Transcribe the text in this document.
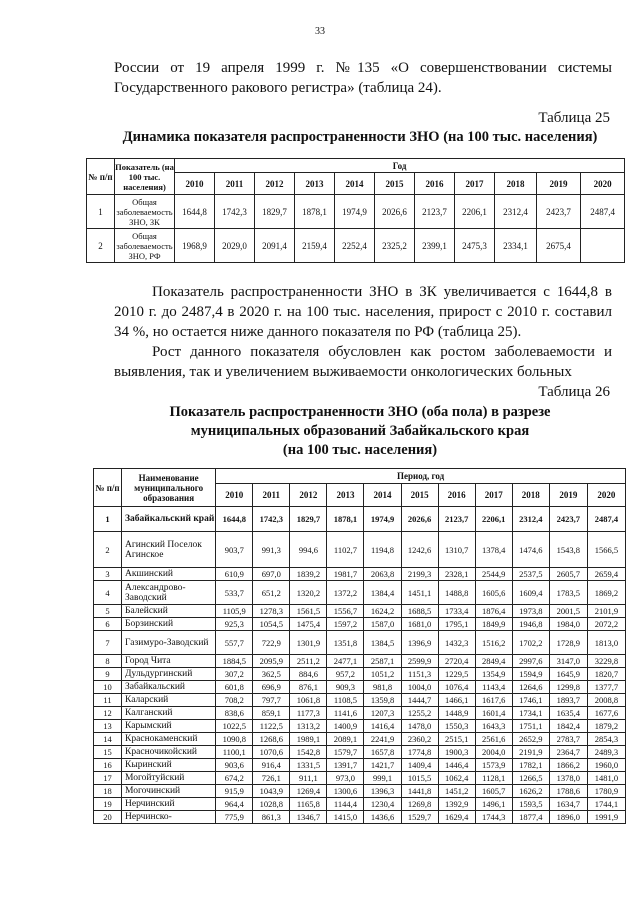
33
России от 19 апреля 1999 г. №135 «О совершенствовании системы Государственного ракового регистра» (таблица 24).
Таблица 25
Динамика показателя распространенности ЗНО (на 100 тыс. населения)
№ п/п	Показатель (на 100 тыс. населения)	Год										
		2010	2011	2012	2013	2014	2015	2016	2017	2018	2019	2020
1	Общая заболеваемость ЗНО, ЗК	1644,8	1742,3	1829,7	1878,1	1974,9	2026,6	2123,7	2206,1	2312,4	2423,7	2487,4
2	Общая заболеваемость ЗНО, РФ	1968,9	2029,0	2091,4	2159,4	2252,4	2325,2	2399,1	2475,3	2334,1	2675,4	
Показатель распространенности ЗНО в ЗК увеличивается с 1644,8 в 2010 г. до 2487,4 в 2020 г. на 100 тыс. населения, прирост с 2010 г. составил 34 %, но остается ниже данного показателя по РФ (таблица 25).
Рост данного показателя обусловлен как ростом заболеваемости и выявления, так и увеличением выживаемости онкологических больных
Таблица 26
Показатель распространенности ЗНО (оба пола) в разрезе
муниципальных образований Забайкальского края
(на 100 тыс. населения)
№ п/п	Наименование муниципального образования	Период, год										
		2010	2011	2012	2013	2014	2015	2016	2017	2018	2019	2020
1	Забайкальский край	1644,8	1742,3	1829,7	1878,1	1974,9	2026,6	2123,7	2206,1	2312,4	2423,7	2487,4
2	Агинский Поселок Агинское	903,7	991,3	994,6	1102,7	1194,8	1242,6	1310,7	1378,4	1474,6	1543,8	1566,5
3	Акшинский	610,9	697,0	1839,2	1981,7	2063,8	2199,3	2328,1	2544,9	2537,5	2605,7	2659,4
4	Александрово-Заводский	533,7	651,2	1320,2	1372,2	1384,4	1451,1	1488,8	1605,6	1609,4	1783,5	1869,2
5	Балейский	1105,9	1278,3	1561,5	1556,7	1624,2	1688,5	1733,4	1876,4	1973,8	2001,5	2101,9
6	Борзинский	925,3	1054,5	1475,4	1597,2	1587,0	1681,0	1795,1	1849,9	1946,8	1984,0	2072,2
7	Газимуро-Заводский	557,7	722,9	1301,9	1351,8	1384,5	1396,9	1432,3	1516,2	1702,2	1728,9	1813,0
8	Город Чита	1884,5	2095,9	2511,2	2477,1	2587,1	2599,9	2720,4	2849,4	2997,6	3147,0	3229,8
9	Дульдургинский	307,2	362,5	884,6	957,2	1051,2	1151,3	1229,5	1354,9	1594,9	1645,9	1820,7
10	Забайкальский	601,8	696,9	876,1	909,3	981,8	1004,0	1076,4	1143,4	1264,6	1299,8	1377,7
11	Каларский	708,2	797,7	1061,8	1108,5	1359,8	1444,7	1466,1	1617,6	1746,1	1893,7	2008,8
12	Калганский	838,6	859,1	1177,3	1141,6	1207,3	1255,2	1448,9	1601,4	1734,1	1635,4	1677,6
13	Карымский	1022,5	1122,5	1313,2	1400,9	1416,4	1478,0	1550,3	1643,3	1751,1	1842,4	1879,2
14	Краснокаменский	1090,8	1268,6	1989,1	2089,1	2241,9	2360,2	2515,1	2561,6	2652,9	2783,7	2854,3
15	Красночикойский	1100,1	1070,6	1542,8	1579,7	1657,8	1774,8	1900,3	2004,0	2191,9	2364,7	2489,3
16	Кыринский	903,6	916,4	1331,5	1391,7	1421,7	1409,4	1446,4	1573,9	1782,1	1866,2	1960,0
17	Могойтуйский	674,2	726,1	911,1	973,0	999,1	1015,5	1062,4	1128,1	1266,5	1378,0	1481,0
18	Могочинский	915,9	1043,9	1269,4	1300,6	1396,3	1441,8	1451,2	1605,7	1626,2	1788,6	1780,9
19	Нерчинский	964,4	1028,8	1165,8	1144,4	1230,4	1269,8	1392,9	1496,1	1593,5	1634,7	1744,1
20	Нерчинско-	775,9	861,3	1346,7	1415,0	1436,6	1529,7	1629,4	1744,3	1877,4	1896,0	1991,9
